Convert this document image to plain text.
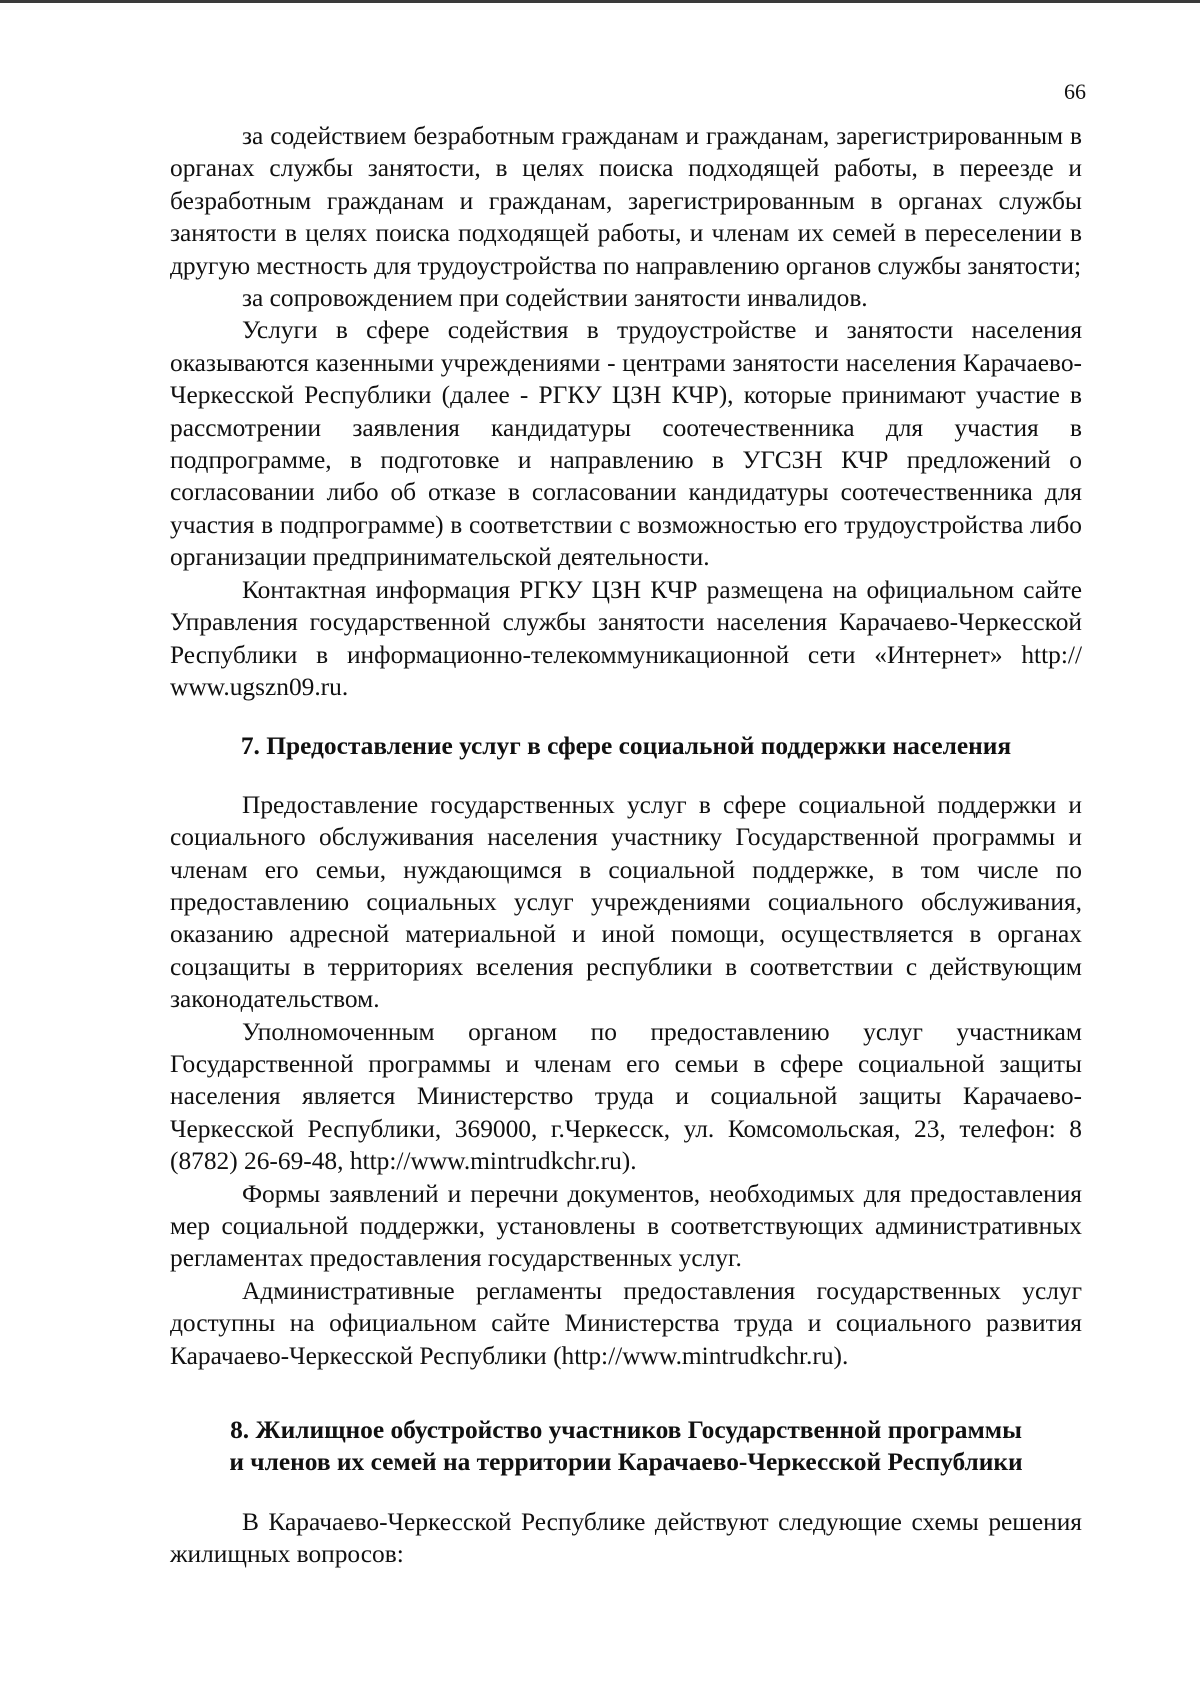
66

за содействием безработным гражданам и гражданам, зарегистрированным в органах службы занятости, в целях поиска подходящей работы, в переезде и безработным гражданам и гражданам, зарегистрированным в органах службы занятости в целях поиска подходящей работы, и членам их семей в переселении в другую местность для трудоустройства по направлению органов службы занятости;

за сопровождением при содействии занятости инвалидов.

Услуги в сфере содействия в трудоустройстве и занятости населения оказываются казенными учреждениями - центрами занятости населения Карачаево-Черкесской Республики (далее - РГКУ ЦЗН КЧР), которые принимают участие в рассмотрении заявления кандидатуры соотечественника для участия в подпрограмме, в подготовке и направлению в УГСЗН КЧР предложений о согласовании либо об отказе в согласовании кандидатуры соотечественника для участия в подпрограмме) в соответствии с возможностью его трудоустройства либо организации предпринимательской деятельности.

Контактная информация РГКУ ЦЗН КЧР размещена на официальном сайте Управления государственной службы занятости населения Карачаево-Черкесской Республики в информационно-телекоммуникационной сети «Интернет» http:// www.ugszn09.ru.

7. Предоставление услуг в сфере социальной поддержки населения

Предоставление государственных услуг в сфере социальной поддержки и социального обслуживания населения участнику Государственной программы и членам его семьи, нуждающимся в социальной поддержке, в том числе по предоставлению социальных услуг учреждениями социального обслуживания, оказанию адресной материальной и иной помощи, осуществляется в органах соцзащиты в территориях вселения республики в соответствии с действующим законодательством.

Уполномоченным органом по предоставлению услуг участникам Государственной программы и членам его семьи в сфере социальной защиты населения является Министерство труда и социальной защиты Карачаево-Черкесской Республики, 369000, г.Черкесск, ул. Комсомольская, 23, телефон: 8 (8782) 26-69-48, http://www.mintrudkchr.ru).

Формы заявлений и перечни документов, необходимых для предоставления мер социальной поддержки, установлены в соответствующих административных регламентах предоставления государственных услуг.

Административные регламенты предоставления государственных услуг доступны на официальном сайте Министерства труда и социального развития Карачаево-Черкесской Республики (http://www.mintrudkchr.ru).

8. Жилищное обустройство участников Государственной программы
и членов их семей на территории Карачаево-Черкесской Республики

В Карачаево-Черкесской Республике действуют следующие схемы решения жилищных вопросов:
